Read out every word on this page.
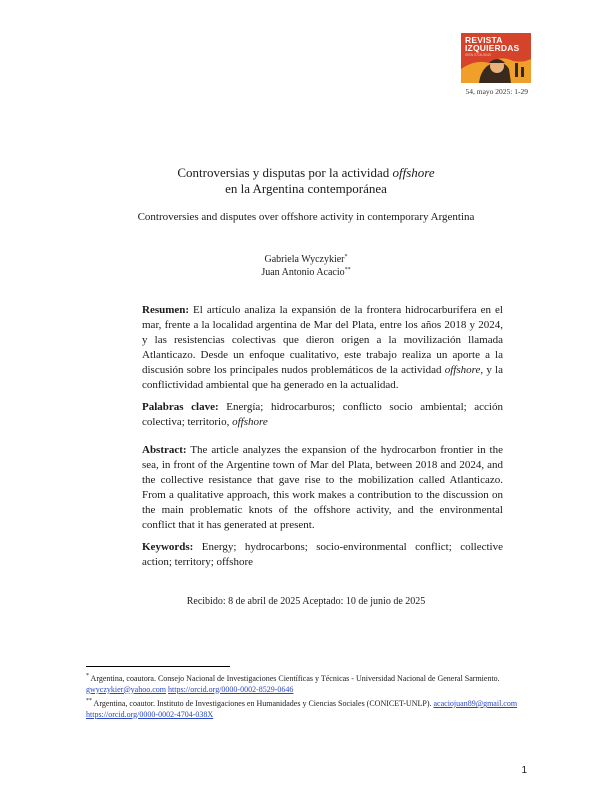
REVISTA
IZQUIERDAS
ISSN 0718-5049
54, mayo 2025: 1-29
Controversias y disputas por la actividad offshore
en la Argentina contemporánea
Controversies and disputes over offshore activity in contemporary Argentina
Gabriela Wyczykier*
Juan Antonio Acacio**

Resumen: El artículo analiza la expansión de la frontera hidrocarburífera en el mar, frente a la localidad argentina de Mar del Plata, entre los años 2018 y 2024, y las resistencias colectivas que dieron origen a la movilización llamada Atlanticazo. Desde un enfoque cualitativo, este trabajo realiza un aporte a la discusión sobre los principales nudos problemáticos de la actividad offshore, y la conflictividad ambiental que ha generado en la actualidad.

Palabras clave: Energía; hidrocarburos; conflicto socio ambiental; acción colectiva; territorio, offshore

Abstract: The article analyzes the expansion of the hydrocarbon frontier in the sea, in front of the Argentine town of Mar del Plata, between 2018 and 2024, and the collective resistance that gave rise to the mobilization called Atlanticazo. From a qualitative approach, this work makes a contribution to the discussion on the main problematic knots of the offshore activity, and the environmental conflict that it has generated at present.

Keywords: Energy; hydrocarbons; socio-environmental conflict; collective action; territory; offshore

Recibido: 8 de abril de 2025 Aceptado: 10 de junio de 2025

* Argentina, coautora. Consejo Nacional de Investigaciones Científicas y Técnicas - Universidad Nacional de General Sarmiento. gwyczykier@yahoo.com https://orcid.org/0000-0002-8529-0646

** Argentina, coautor. Instituto de Investigaciones en Humanidades y Ciencias Sociales (CONICET-UNLP). acaciojuan89@gmail.com https://orcid.org/0000-0002-4704-038X

1
